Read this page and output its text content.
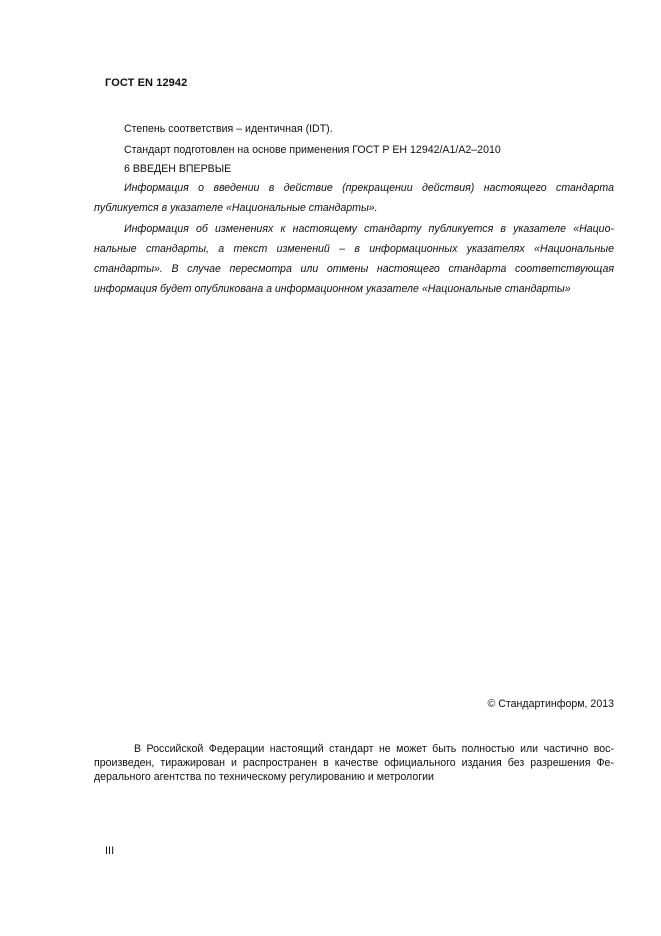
ГОСТ EN 12942

Степень соответствия – идентичная (IDT).

Стандарт подготовлен на основе применения ГОСТ Р ЕН 12942/А1/А2–2010

6 ВВЕДЕН ВПЕРВЫЕ

Информация о введении в действие (прекращении действия) настоящего стандарта публикуется в указателе «Национальные стандарты».

Информация об изменениях к настоящему стандарту публикуется в указателе «Национальные стандарты, а текст изменений – в информационных указателях «Национальные стандарты». В случае пересмотра или отмены настоящего стандарта соответствующая информация будет опубликована а информационном указателе «Национальные стандарты»

© Стандартинформ, 2013

В Российской Федерации настоящий стандарт не может быть полностью или частично воспроизведен, тиражирован и распространен в качестве официального издания без разрешения Федерального агентства по техническому регулированию и метрологии

III
